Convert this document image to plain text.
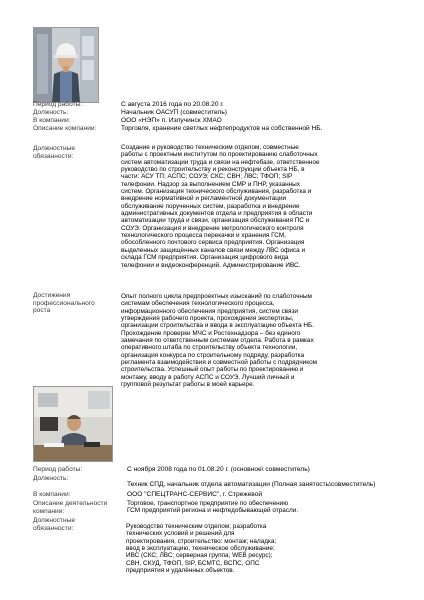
Период работы:	С августа 2016 года по 20.08.20 г.
Должность:	Начальник ОАСУП (совместитель)
В компании:	ООО «НЭП» п. Излучинск ХМАО
Описание компании:	Торговля, хранение светлых нефтепродуктов на собственной НБ.
Должностные
обязанности:
Создание и руководство техническим отделом, совместные
работы с проектным институтом по проектированию слаботочных
систем автоматизации труда и связи на нефтебазе, ответственное
руководство по строительству и реконструкции объекта НБ, в
части: АСУ ТП; АСПС; СОУЭ; СКС; СВН; ЛВС; ТФОП; SIP
телефонии. Надзор за выполнением СМР и ПНР, указанных
систем. Организация технического обслуживания, разработка и
внедрение нормативной и регламентной документации
обслуживание порученных систем, разработка и внедрение
административных документов отдела и предприятия в области
автоматизации труда и связи, организация обслуживания ПС и
СОУЭ. Организация и внедрение метрологического контроля
технологического процесса перекачки и хранения ГСМ,
обособленного почтового сервиса предприятия. Организация
выделенных защищённых каналов связи между ЛВС офиса и
склада ГСМ предприятия. Организация цифрового вида
телефонии и видеоконференций. Администрирование ИВС.
Достижения
профессионального
роста
Опыт полного цикла предпроектных изысканий по слаботочным
системам обеспечения технологического процесса,
информационного обеспечения предприятия, систем связи
утверждения рабочего проекта, прохождения экспертизы,
организации строительства и ввода в эксплуатацию объекта НБ.
Прохождение проверки МЧС и Ростехнадзора – без единого
замечания по ответственным системам отдела. Работа в рамках
оперативного штаба по строительству объекта технологии,
организация конкурса по строительному подряду, разработка
регламента взаимодействия и совместной работы с подрядчиком
строительства. Успешный опыт работы по проектированию и
монтажу, вводу в работу АСПС и СОУЭ. Лучший личный и
групповой результат работы в моей карьере.
Период работы:	С ноября 2008 года по 01.08.20 г. (основное\ совместитель)
Должность:
Техник СПД, начальник отдела автоматизации (Полная занятость\совместитель)
В компании:	ООО "СПЕЦТРАНС-СЕРВИС", г. Стрежевой
Описание деятельности
компании:
Торговое, транспортное предприятие по обеспечению
ГСМ предприятий региона и нефтедобывающей отрасли.
Должностные
обязанности:	Руководство техническим отделом; разработка
технических условий и решений для
проектирования, строительство: монтаж; наладка;
ввод в эксплуатацию, техническое обслуживание:
ИВС (СКС; ЛВС; серверная группа; WEB ресурс);
СВН, СКУД, ТФОП, SIP, БСМТС, ВСПС, ОПС
предприятия и удалённых объектов.
